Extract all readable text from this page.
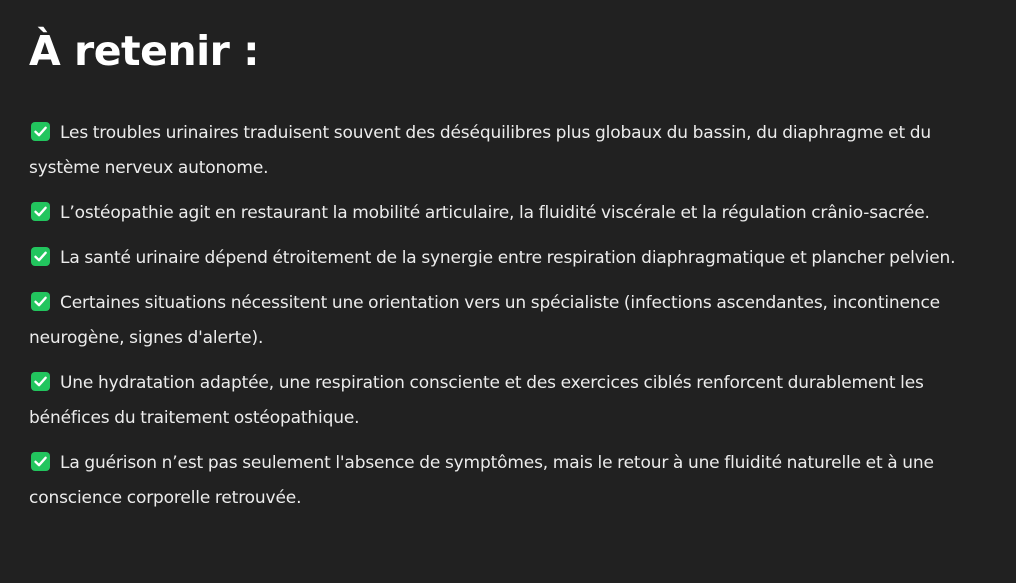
À retenir :
Les troubles urinaires traduisent souvent des déséquilibres plus globaux du bassin, du diaphragme et du système nerveux autonome.
L’ostéopathie agit en restaurant la mobilité articulaire, la fluidité viscérale et la régulation crânio-sacrée.
La santé urinaire dépend étroitement de la synergie entre respiration diaphragmatique et plancher pelvien.
Certaines situations nécessitent une orientation vers un spécialiste (infections ascendantes, incontinence neurogène, signes d'alerte).
Une hydratation adaptée, une respiration consciente et des exercices ciblés renforcent durablement les bénéfices du traitement ostéopathique.
La guérison n’est pas seulement l'absence de symptômes, mais le retour à une fluidité naturelle et à une conscience corporelle retrouvée.
